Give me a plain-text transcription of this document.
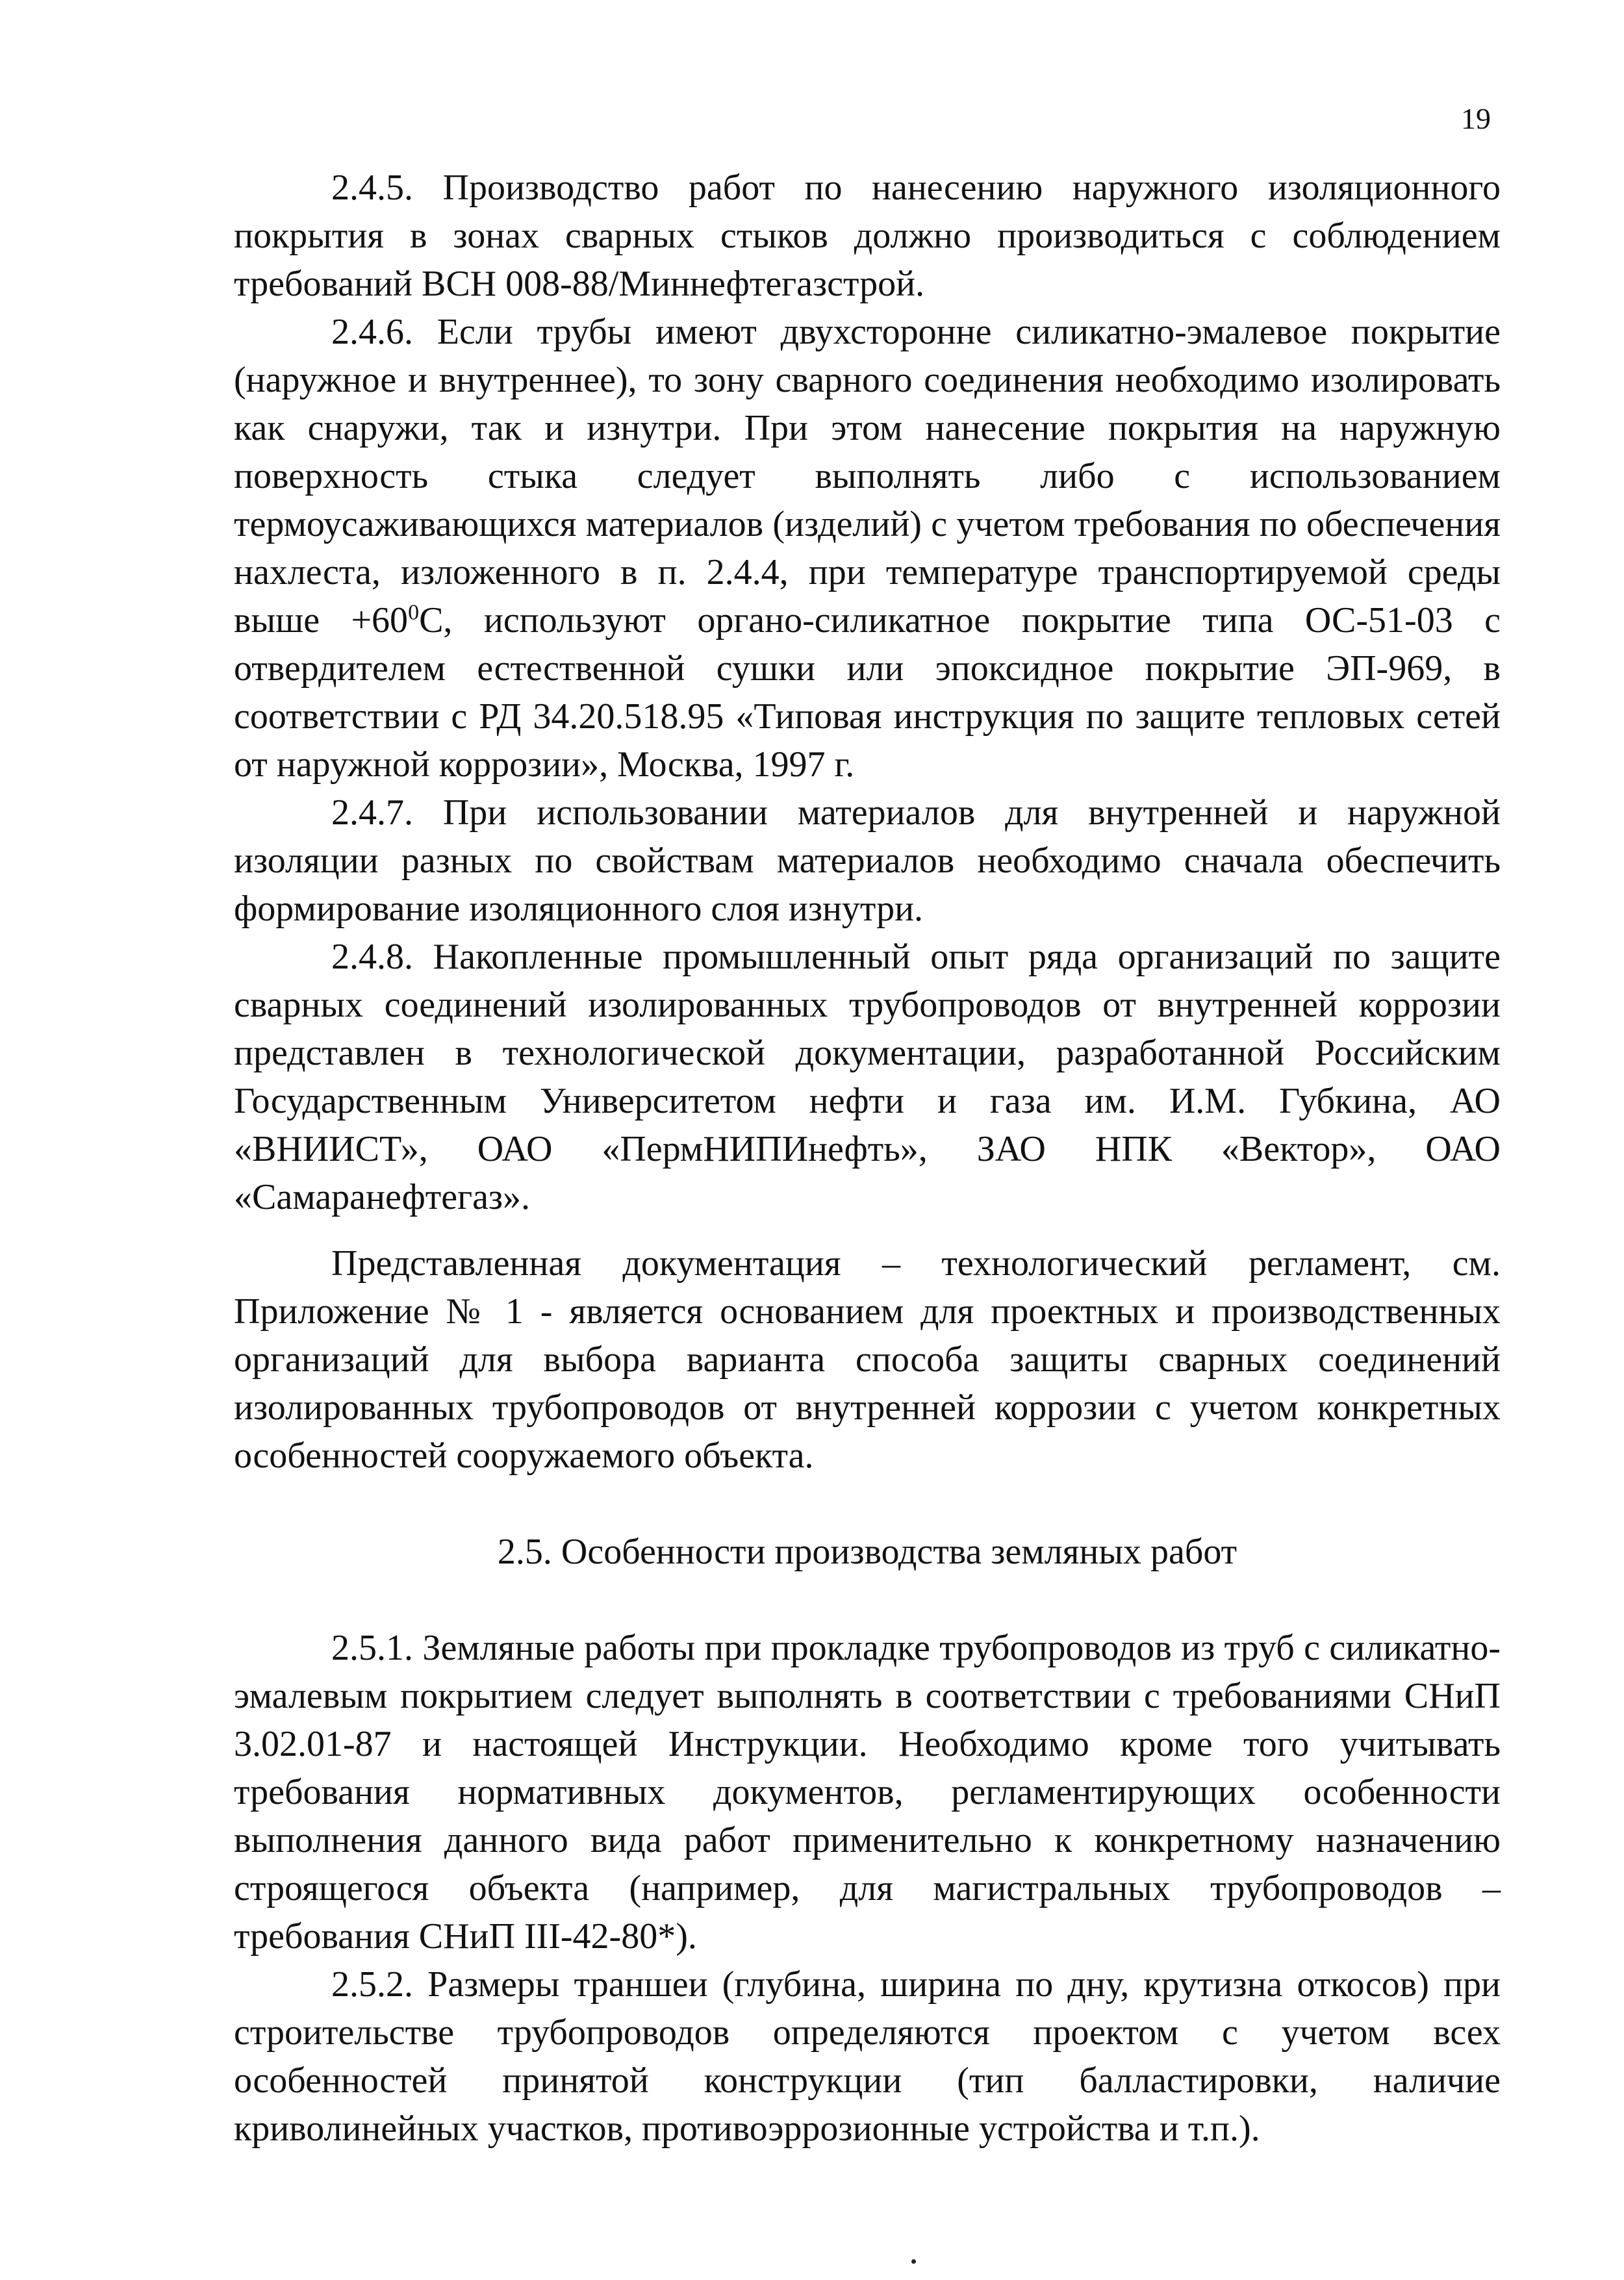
19

2.4.5. Производство работ по нанесению наружного изоляционного покрытия в зонах сварных стыков должно производиться с соблюдением требований ВСН 008-88/Миннефтегазстрой.

2.4.6. Если трубы имеют двухсторонне силикатно-эмалевое покрытие (наружное и внутреннее), то зону сварного соединения необходимо изолировать как снаружи, так и изнутри. При этом нанесение покрытия на наружную поверхность стыка следует выполнять либо с использованием термоусаживающихся материалов (изделий) с учетом требования по обеспечения нахлеста, изложенного в п. 2.4.4, при температуре транспортируемой среды выше $+60^0С$, используют органо-силикатное покрытие типа ОС-51-03 с отвердителем естественной сушки или эпоксидное покрытие ЭП-969, в соответствии с РД 34.20.518.95 «Типовая инструкция по защите тепловых сетей от наружной коррозии», Москва, 1997 г.

2.4.7. При использовании материалов для внутренней и наружной изоляции разных по свойствам материалов необходимо сначала обеспечить формирование изоляционного слоя изнутри.

2.4.8. Накопленные промышленный опыт ряда организаций по защите сварных соединений изолированных трубопроводов от внутренней коррозии представлен в технологической документации, разработанной Российским Государственным Университетом нефти и газа им. И.М. Губкина, АО «ВНИИСТ», ОАО «ПермНИПИнефть», ЗАО НПК «Вектор», ОАО «Самаранефтегаз».

Представленная документация – технологический регламент, см. Приложение № 1 - является основанием для проектных и производственных организаций для выбора варианта способа защиты сварных соединений изолированных трубопроводов от внутренней коррозии с учетом конкретных особенностей сооружаемого объекта.

2.5. Особенности производства земляных работ

2.5.1. Земляные работы при прокладке трубопроводов из труб с силикатно-эмалевым покрытием следует выполнять в соответствии с требованиями СНиП 3.02.01-87 и настоящей Инструкции. Необходимо кроме того учитывать требования нормативных документов, регламентирующих особенности выполнения данного вида работ применительно к конкретному назначению строящегося объекта (например, для магистральных трубопроводов – требования СНиП III-42-80*).

2.5.2. Размеры траншеи (глубина, ширина по дну, крутизна откосов) при строительстве трубопроводов определяются проектом с учетом всех особенностей принятой конструкции (тип балластировки, наличие криволинейных участков, противоэррозионные устройства и т.п.).
